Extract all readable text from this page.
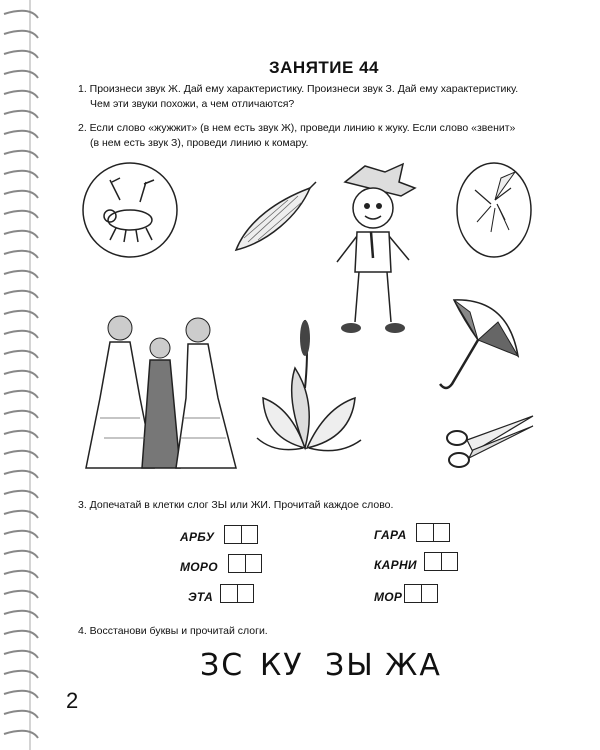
ЗАНЯТИЕ 44
1. Произнеси звук Ж. Дай ему характеристику. Произнеси звук З. Дай ему характеристику.
Чем эти звуки похожи, а чем отличаются?
2. Если слово «жужжит» (в нем есть звук Ж), проведи линию к жуку. Если слово «звенит»
(в нем есть звук З), проведи линию к комару.
3. Допечатай в клетки слог ЗЫ или ЖИ. Прочитай каждое слово.
АРБУ
МОРО
ЭТА
ГАРА
КАРНИ
МОР
4. Восстанови буквы и прочитай слоги.
ЗС КУ ЗЫ ЖА
2
